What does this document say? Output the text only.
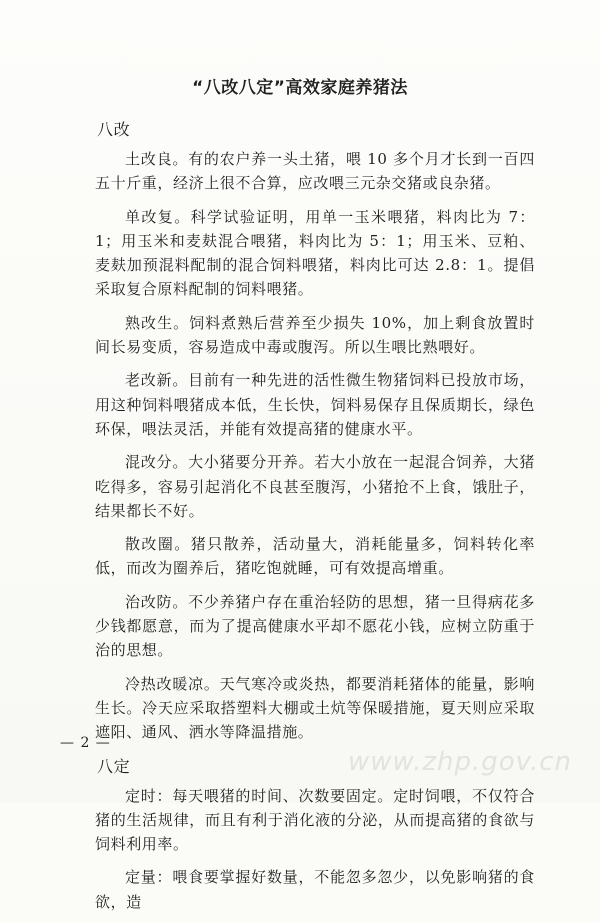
“八改八定”高效家庭养猪法
八改

土改良。有的农户养一头土猪，喂 10 多个月才长到一百四五十斤重，经济上很不合算，应改喂三元杂交猪或良杂猪。

单改复。科学试验证明，用单一玉米喂猪，料肉比为 7：1；用玉米和麦麸混合喂猪，料肉比为 5：1；用玉米、豆粕、麦麸加预混料配制的混合饲料喂猪，料肉比可达 2.8：1。提倡采取复合原料配制的饲料喂猪。

熟改生。饲料煮熟后营养至少损失 10%，加上剩食放置时间长易变质，容易造成中毒或腹泻。所以生喂比熟喂好。

老改新。目前有一种先进的活性微生物猪饲料已投放市场，用这种饲料喂猪成本低，生长快，饲料易保存且保质期长，绿色环保，喂法灵活，并能有效提高猪的健康水平。

混改分。大小猪要分开养。若大小放在一起混合饲养，大猪吃得多，容易引起消化不良甚至腹泻，小猪抢不上食，饿肚子，结果都长不好。

散改圈。猪只散养，活动量大，消耗能量多，饲料转化率低，而改为圈养后，猪吃饱就睡，可有效提高增重。

治改防。不少养猪户存在重治轻防的思想，猪一旦得病花多少钱都愿意，而为了提高健康水平却不愿花小钱，应树立防重于治的思想。

冷热改暖凉。天气寒冷或炎热，都要消耗猪体的能量，影响生长。冷天应采取搭塑料大棚或土炕等保暖措施，夏天则应采取遮阳、通风、洒水等降温措施。

八定

定时：每天喂猪的时间、次数要固定。定时饲喂，不仅符合猪的生活规律，而且有利于消化液的分泌，从而提高猪的食欲与饲料利用率。

定量：喂食要掌握好数量，不能忽多忽少，以免影响猪的食欲，造

— 2 —
www.zhp.gov.cn
